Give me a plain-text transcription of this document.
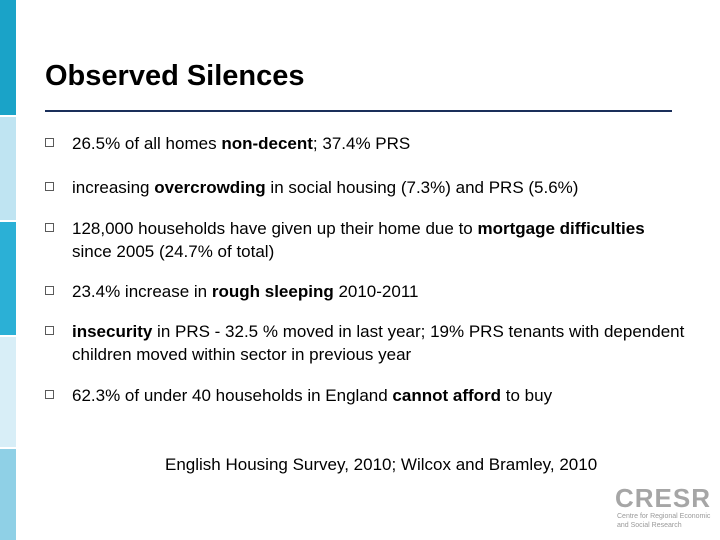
Observed Silences
26.5% of all homes non-decent; 37.4% PRS
increasing overcrowding in social housing (7.3%) and PRS (5.6%)
128,000 households have given up their home due to mortgage difficulties since 2005 (24.7% of total)
23.4% increase in rough sleeping 2010-2011
insecurity in PRS - 32.5 % moved in last year; 19% PRS tenants with dependent children moved within sector in previous year
62.3% of under 40 households in England cannot afford to buy
English Housing Survey, 2010; Wilcox and Bramley, 2010
CRESR
Centre for Regional Economic
and Social Research
